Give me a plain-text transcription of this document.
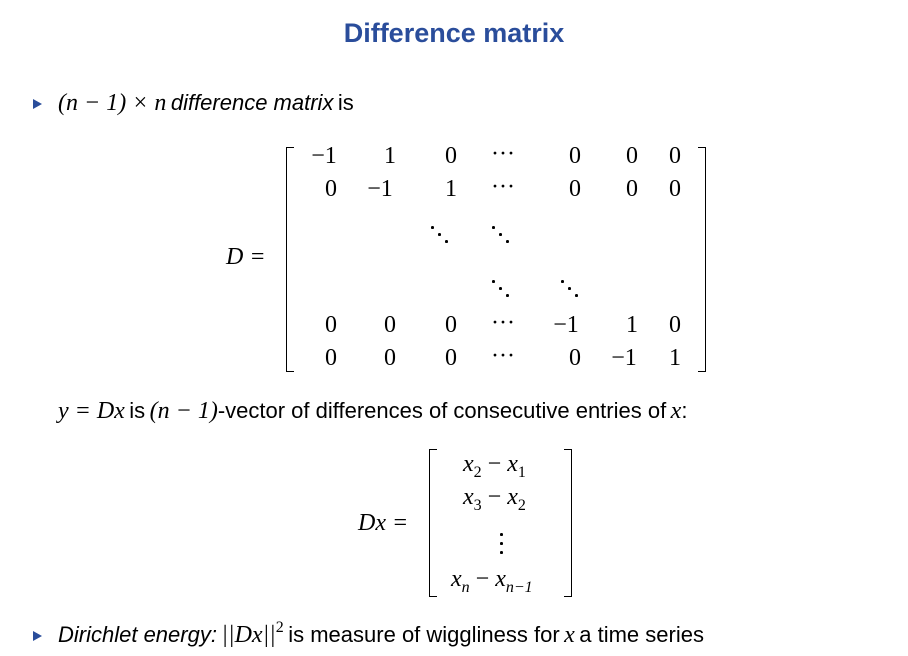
Difference matrix
(n − 1) × n difference matrix is
D =
−1	1	0	···	0	0	0
0	−1	1	···	0	0	0
0	0	0	···	−1	1	0
0	0	0	···	0	−1	1
y = Dx is (n − 1)-vector of differences of consecutive entries of x:
Dx =
$x_2 - x_1$
$x_3 - x_2$
$x_n - x_{n-1}$
Dirichlet energy: $||Dx||^2$ is measure of wiggliness for x a time series
